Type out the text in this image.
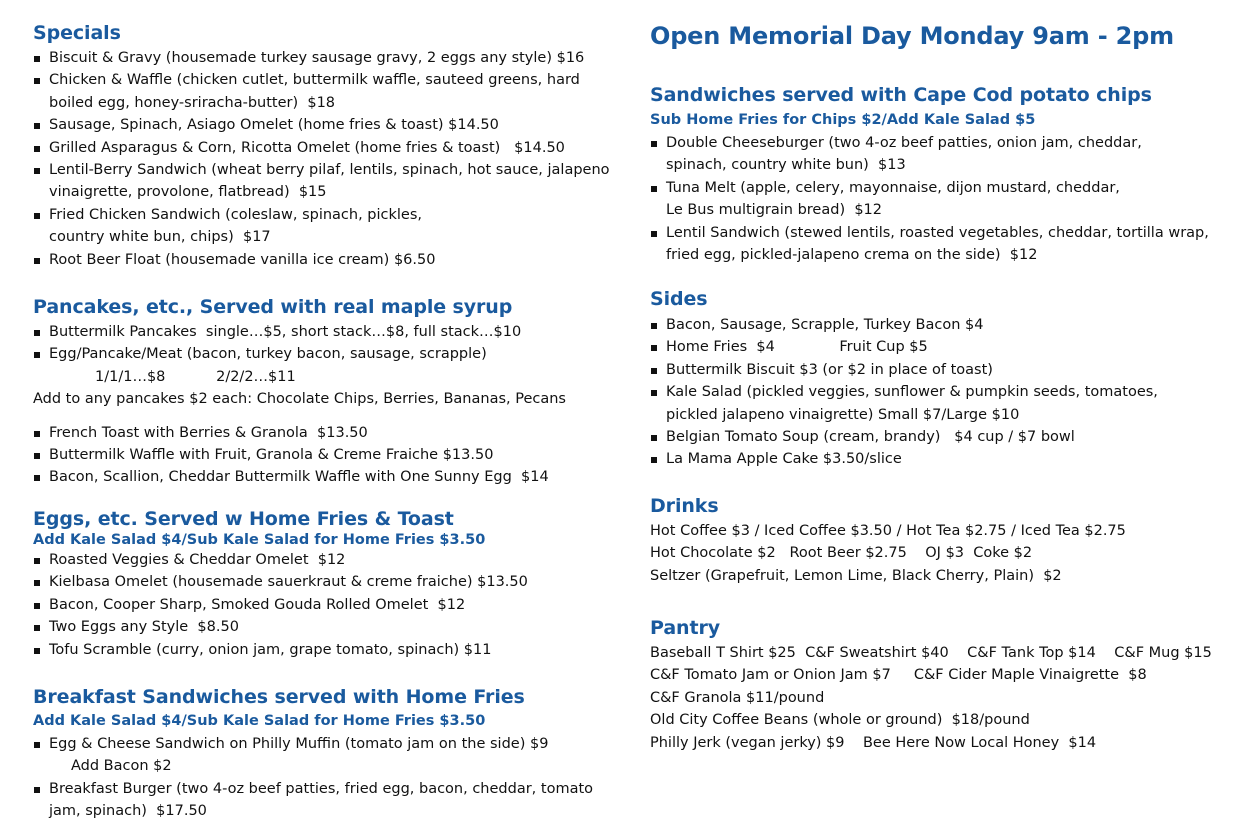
Specials
Biscuit & Gravy (housemade turkey sausage gravy, 2 eggs any style) $16
Chicken & Waffle (chicken cutlet, buttermilk waffle, sauteed greens, hard boiled egg, honey-sriracha-butter)  $18
Sausage, Spinach, Asiago Omelet (home fries & toast) $14.50
Grilled Asparagus & Corn, Ricotta Omelet (home fries & toast)   $14.50
Lentil-Berry Sandwich (wheat berry pilaf, lentils, spinach, hot sauce, jalapeno vinaigrette, provolone, flatbread)  $15
Fried Chicken Sandwich (coleslaw, spinach, pickles,
country white bun, chips)  $17
Root Beer Float (housemade vanilla ice cream) $6.50
Pancakes, etc., Served with real maple syrup
Buttermilk Pancakes  single…$5, short stack…$8, full stack…$10
Egg/Pancake/Meat (bacon, turkey bacon, sausage, scrapple)
1/1/1…$8           2/2/2…$11
Add to any pancakes $2 each: Chocolate Chips, Berries, Bananas, Pecans
French Toast with Berries & Granola  $13.50
Buttermilk Waffle with Fruit, Granola & Creme Fraiche $13.50
Bacon, Scallion, Cheddar Buttermilk Waffle with One Sunny Egg  $14
Eggs, etc. Served w Home Fries & Toast
Add Kale Salad $4/Sub Kale Salad for Home Fries $3.50
Roasted Veggies & Cheddar Omelet  $12
Kielbasa Omelet (housemade sauerkraut & creme fraiche) $13.50
Bacon, Cooper Sharp, Smoked Gouda Rolled Omelet  $12
Two Eggs any Style  $8.50
Tofu Scramble (curry, onion jam, grape tomato, spinach) $11
Breakfast Sandwiches served with Home Fries
Add Kale Salad $4/Sub Kale Salad for Home Fries $3.50
Egg & Cheese Sandwich on Philly Muffin (tomato jam on the side) $9
Add Bacon $2
Breakfast Burger (two 4-oz beef patties, fried egg, bacon, cheddar, tomato jam, spinach)  $17.50
Open Memorial Day Monday 9am - 2pm
Sandwiches served with Cape Cod potato chips
Sub Home Fries for Chips $2/Add Kale Salad $5
Double Cheeseburger (two 4-oz beef patties, onion jam, cheddar,
spinach, country white bun)  $13
Tuna Melt (apple, celery, mayonnaise, dijon mustard, cheddar,
Le Bus multigrain bread)  $12
Lentil Sandwich (stewed lentils, roasted vegetables, cheddar, tortilla wrap, fried egg, pickled-jalapeno crema on the side)  $12
Sides
Bacon, Sausage, Scrapple, Turkey Bacon $4
Home Fries  $4              Fruit Cup $5
Buttermilk Biscuit $3 (or $2 in place of toast)
Kale Salad (pickled veggies, sunflower & pumpkin seeds, tomatoes,
pickled jalapeno vinaigrette) Small $7/Large $10
Belgian Tomato Soup (cream, brandy)   $4 cup / $7 bowl
La Mama Apple Cake $3.50/slice
Drinks
Hot Coffee $3 / Iced Coffee $3.50 / Hot Tea $2.75 / Iced Tea $2.75
Hot Chocolate $2   Root Beer $2.75    OJ $3  Coke $2
Seltzer (Grapefruit, Lemon Lime, Black Cherry, Plain)  $2
Pantry
Baseball T Shirt $25  C&F Sweatshirt $40    C&F Tank Top $14    C&F Mug $15
C&F Tomato Jam or Onion Jam $7     C&F Cider Maple Vinaigrette  $8
C&F Granola $11/pound
Old City Coffee Beans (whole or ground)  $18/pound
Philly Jerk (vegan jerky) $9    Bee Here Now Local Honey  $14
